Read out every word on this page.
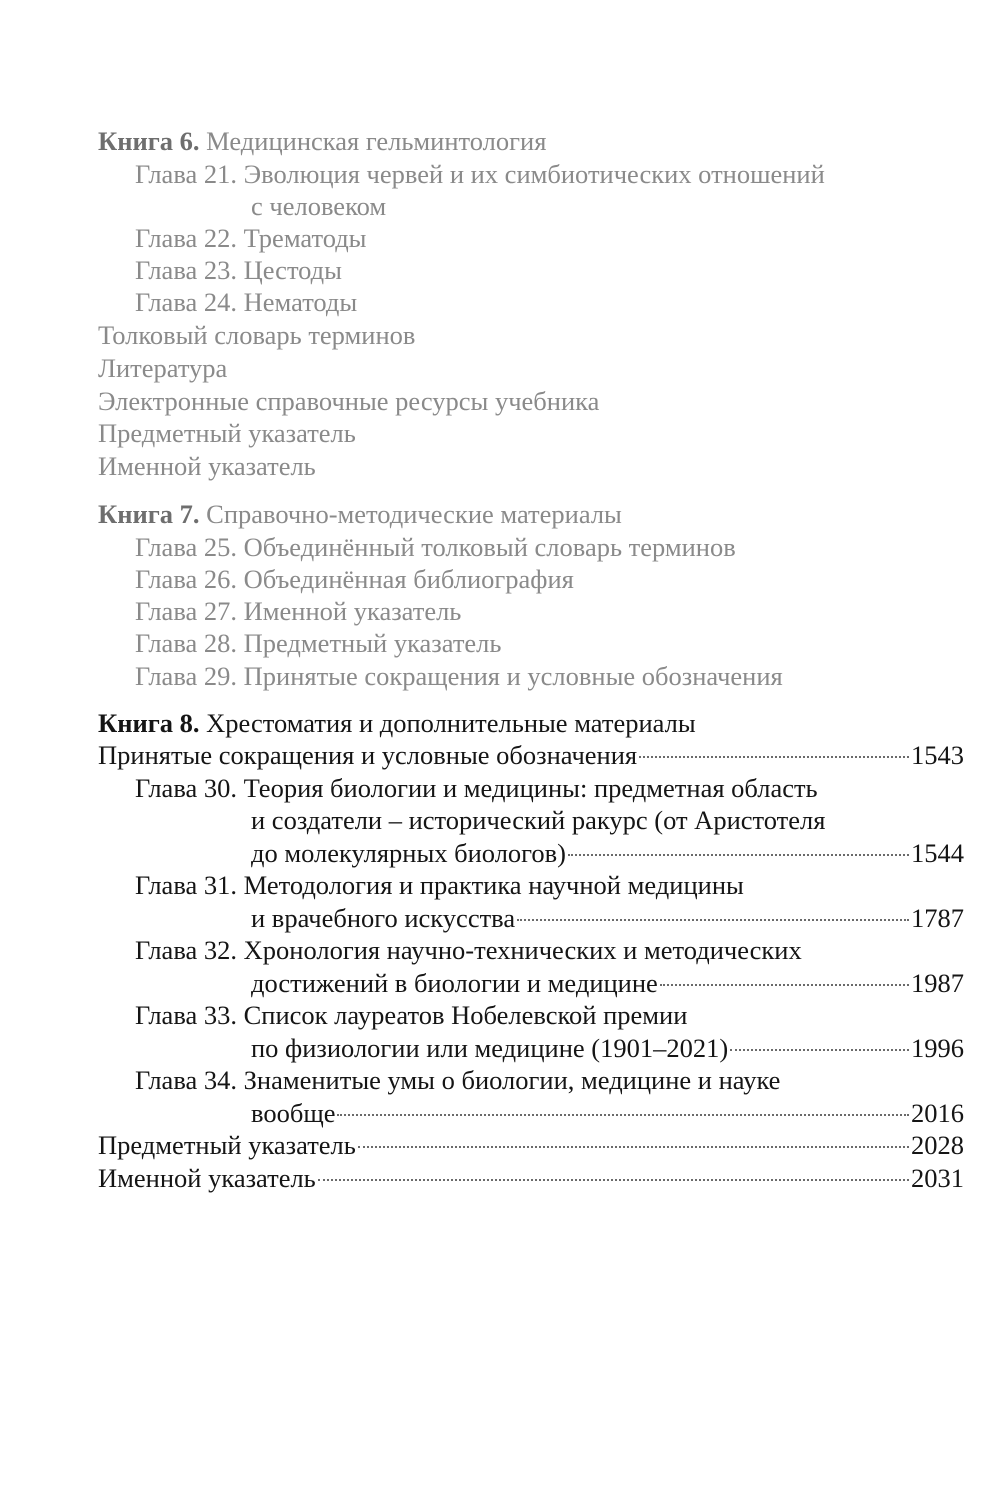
Книга 6. Медицинская гельминтология
Глава 21. Эволюция червей и их симбиотических отношений
с человеком
Глава 22. Трематоды
Глава 23. Цестоды
Глава 24. Нематоды
Толковый словарь терминов
Литература
Электронные справочные ресурсы учебника
Предметный указатель
Именной указатель
Книга 7. Справочно-методические материалы
Глава 25. Объединённый толковый словарь терминов
Глава 26. Объединённая библиография
Глава 27. Именной указатель
Глава 28. Предметный указатель
Глава 29. Принятые сокращения и условные обозначения
Книга 8. Хрестоматия и дополнительные материалы
Принятые сокращения и условные обозначения	1543
Глава 30. Теория биологии и медицины: предметная область
и создатели – исторический ракурс (от Аристотеля
до молекулярных биологов)	1544
Глава 31. Методология и практика научной медицины
и врачебного искусства	1787
Глава 32. Хронология научно-технических и методических
достижений в биологии и медицине	1987
Глава 33. Список лауреатов Нобелевской премии
по физиологии или медицине (1901–2021)	1996
Глава 34. Знаменитые умы о биологии, медицине и науке
вообще	2016
Предметный указатель	2028
Именной указатель	2031
